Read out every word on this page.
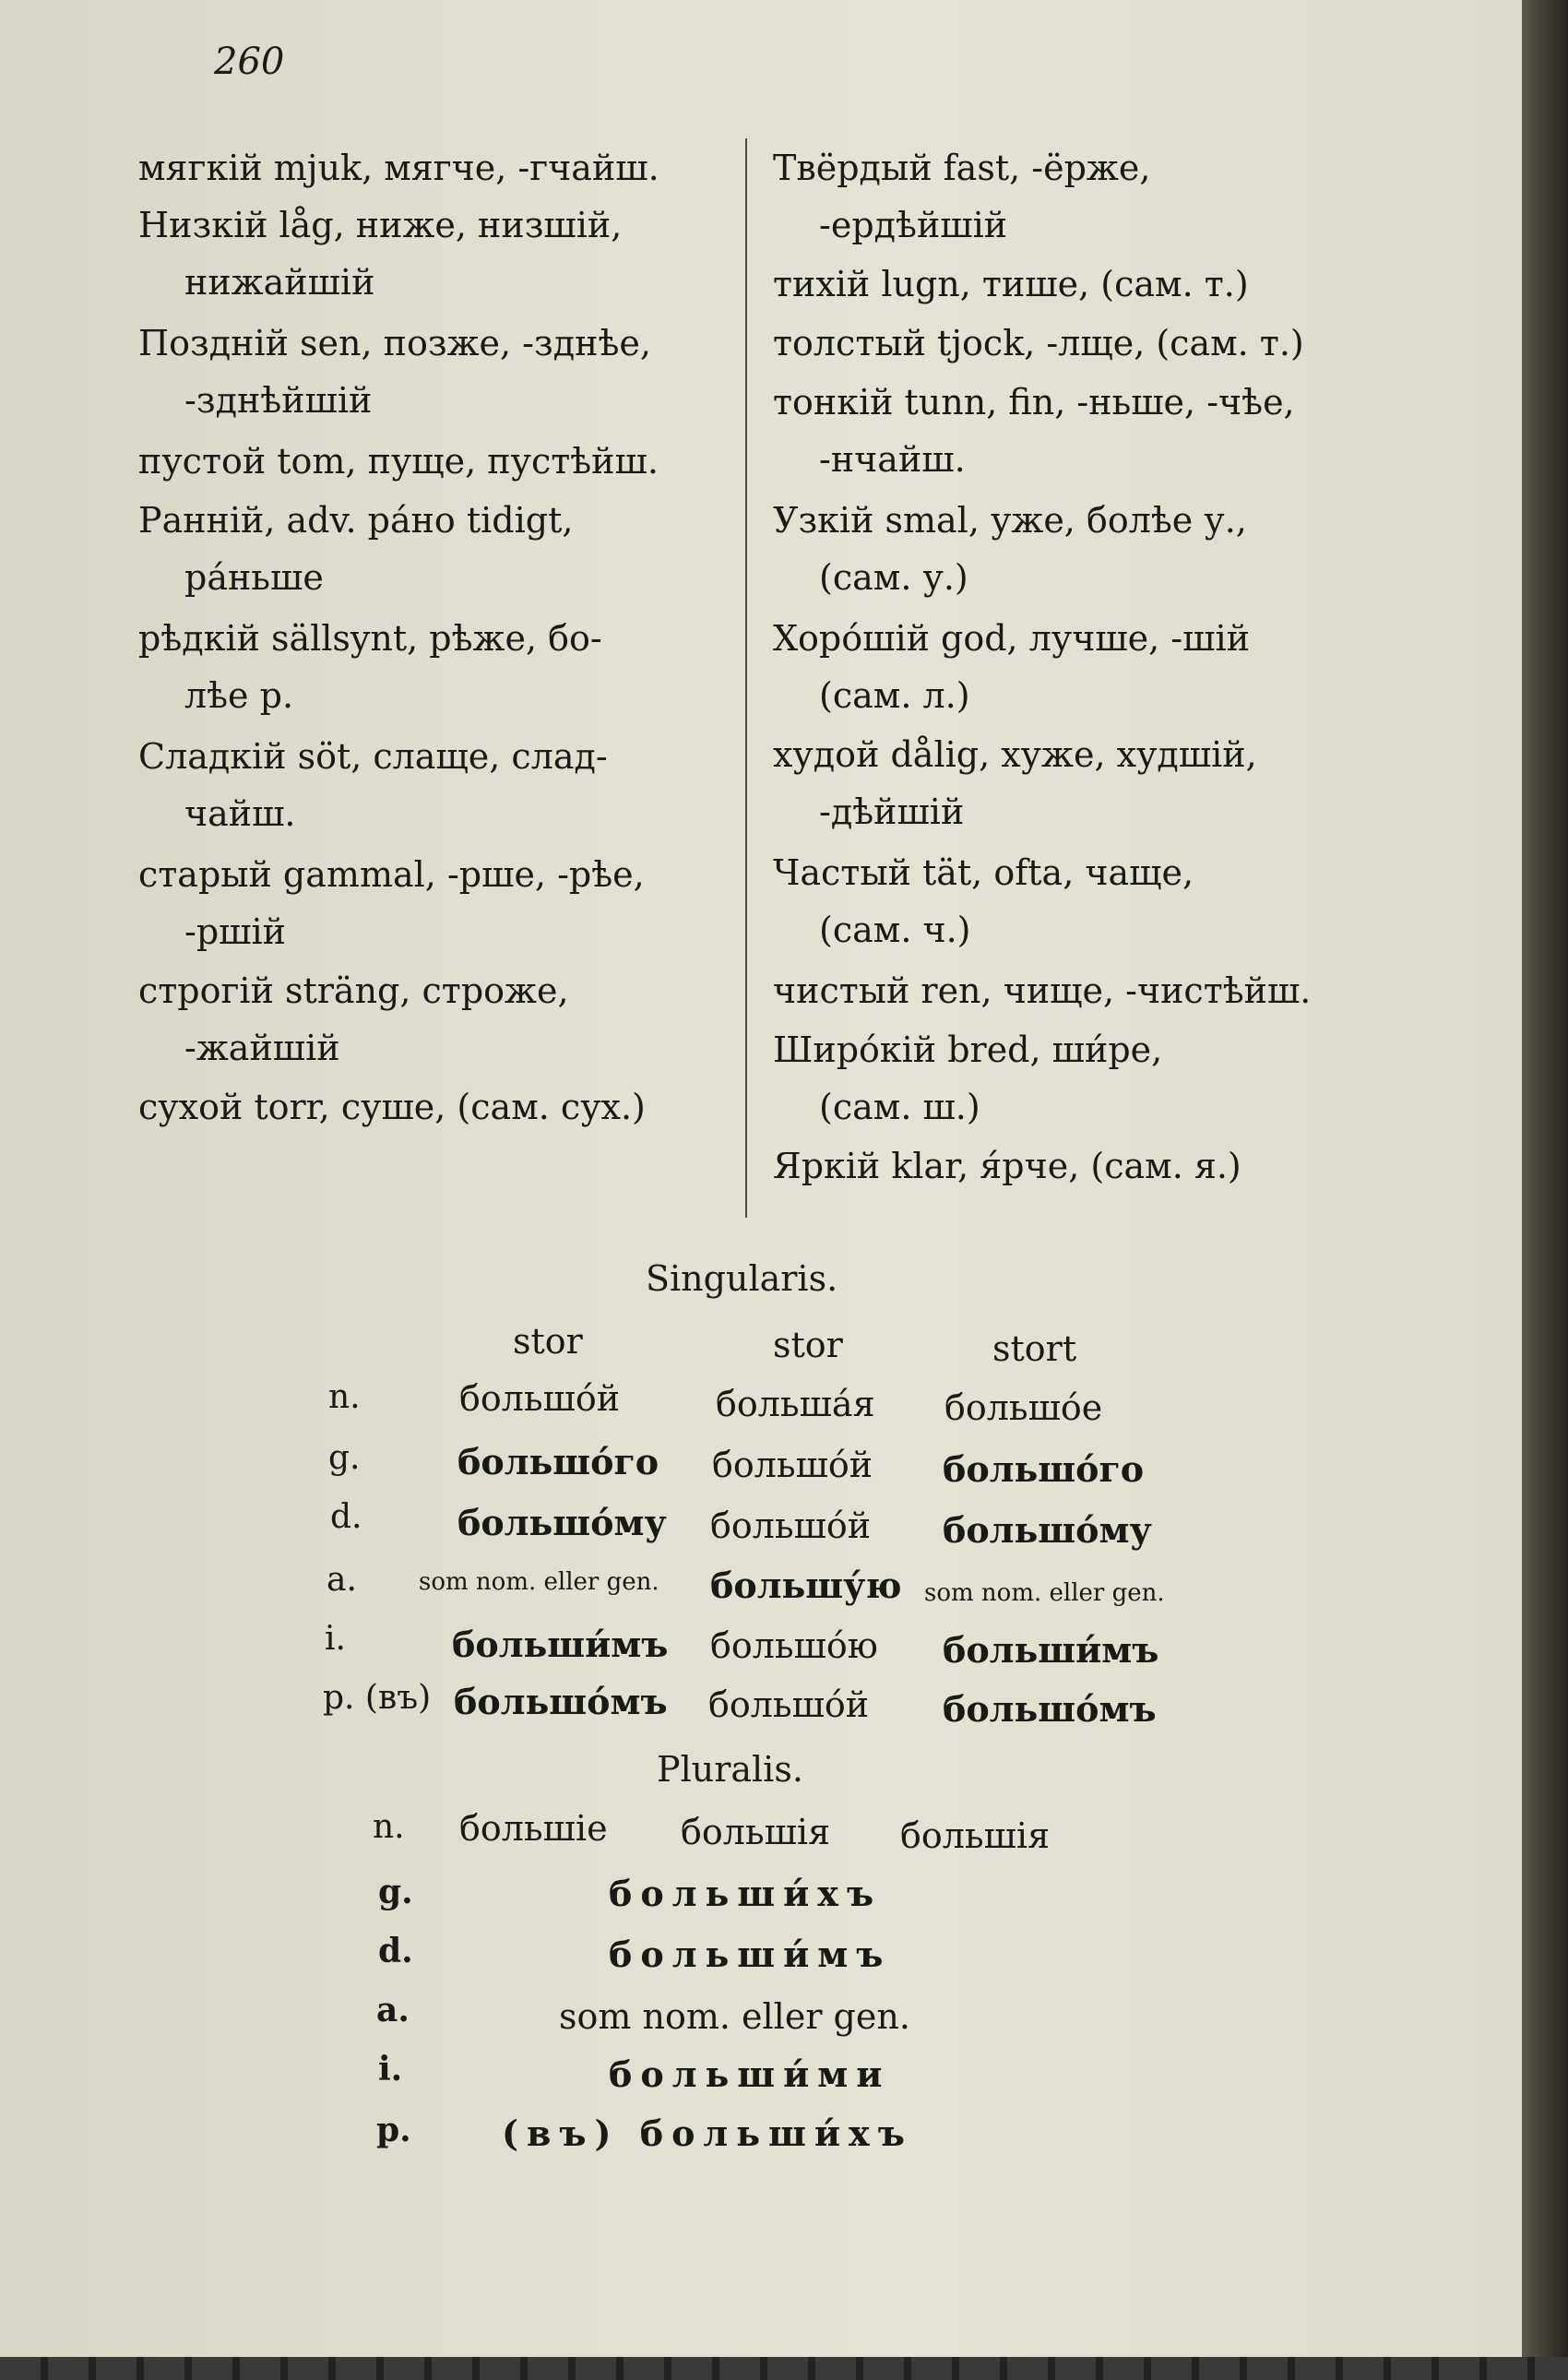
260
мягкій mjuk, мягче, -гчайш.
Низкій låg, ниже, низшій,
нижайшій
Поздній sen, позже, -зднѣе,
-зднѣйшій
пустой tom, пуще, пустѣйш.
Ранній, adv. ра́но tidigt,
ра́ньше
рѣдкій sällsynt, рѣже, бо-
лѣе р.
Сладкій söt, слаще, слад-
чайш.
старый gammal, -рше, -рѣе,
-ршій
строгій sträng, строже,
-жайшій
сухой torr, суше, (сам. сух.)
Твёрдый fast, -ёрже,
-ердѣйшій
тихій lugn, тише, (сам. т.)
толстый tjock, -лще, (сам. т.)
тонкій tunn, fin, -ньше, -чѣе,
-нчайш.
Узкій smal, уже, болѣе у.,
(сам. у.)
Хоро́шій god, лучше, -шій
(сам. л.)
худой dålig, хуже, худшій,
-дѣйшій
Частый tät, ofta, чаще,
(сам. ч.)
чистый ren, чище, -чистѣйш.
Широ́кій bred, ши́ре,
(сам. ш.)
Яркій klar, я́рче, (сам. я.)
Singularis.
stor	stor	stort
n.	большо́й	больша́я большо́е
g.	большо́го большо́й большо́го
d.	большо́му большо́й большо́му
a.	som nom. eller gen. большу́ю som nom. eller gen.
i.	больши́мъ большо́ю больши́мъ
p. (въ) большо́мъ большо́й большо́мъ
Pluralis.
n. большіе большія большія
g.	больши́хъ
d.	больши́мъ
a.	som nom. eller gen.
i.	больши́ми
p.	(въ) больши́хъ
